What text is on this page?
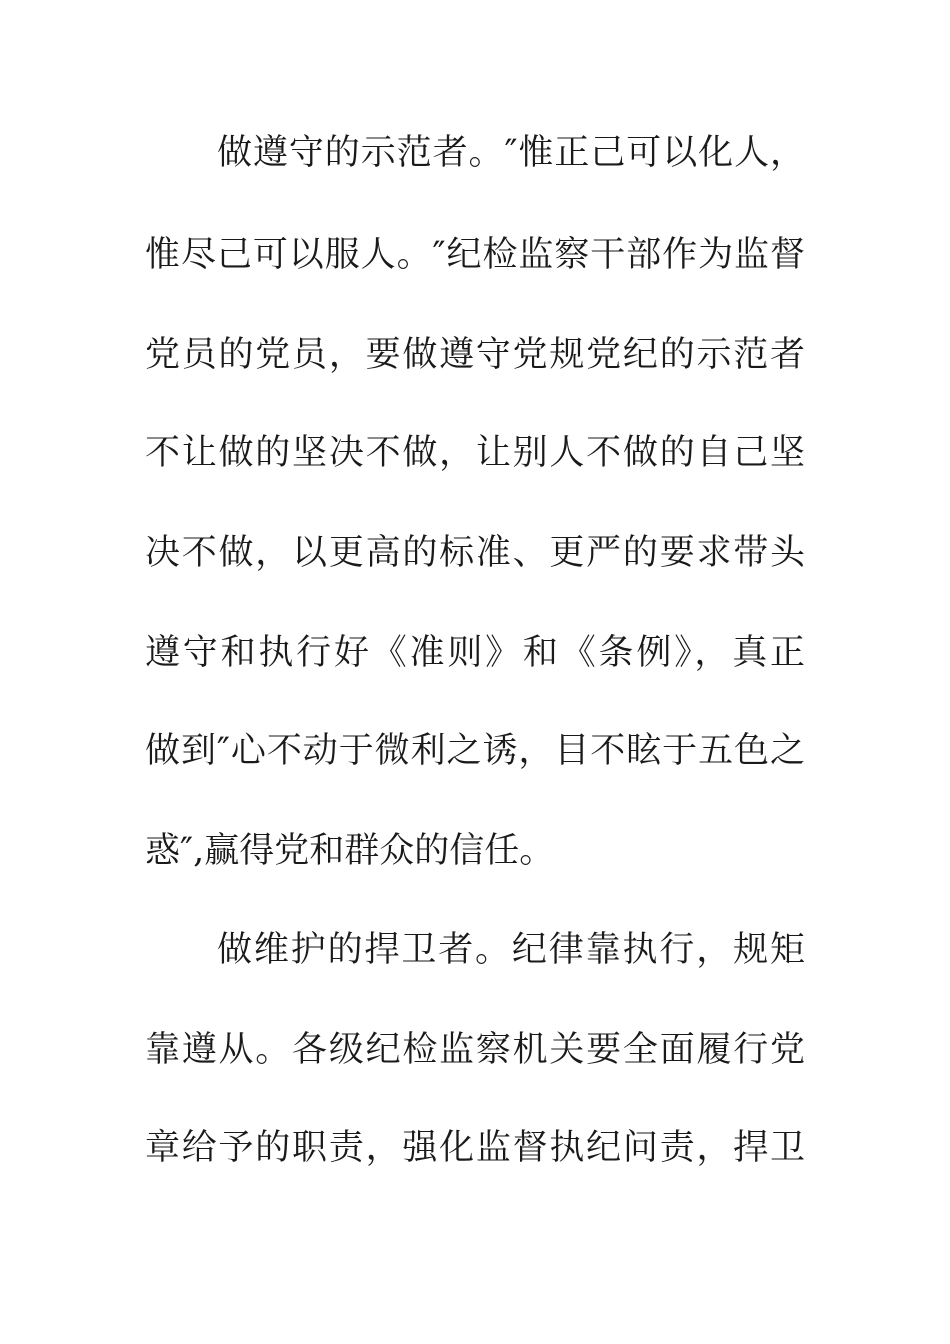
做遵守的示范者。″惟正己可以化人，
惟尽己可以服人。″纪检监察干部作为监督
党员的党员，要做遵守党规党纪的示范者
不让做的坚决不做，让别人不做的自己坚
决不做，以更高的标准、更严的要求带头
遵守和执行好《准则》和《条例》，真正
做到″心不动于微利之诱，目不眩于五色之
惑″,赢得党和群众的信任。
做维护的捍卫者。纪律靠执行，规矩
靠遵从。各级纪检监察机关要全面履行党
章给予的职责，强化监督执纪问责，捍卫
